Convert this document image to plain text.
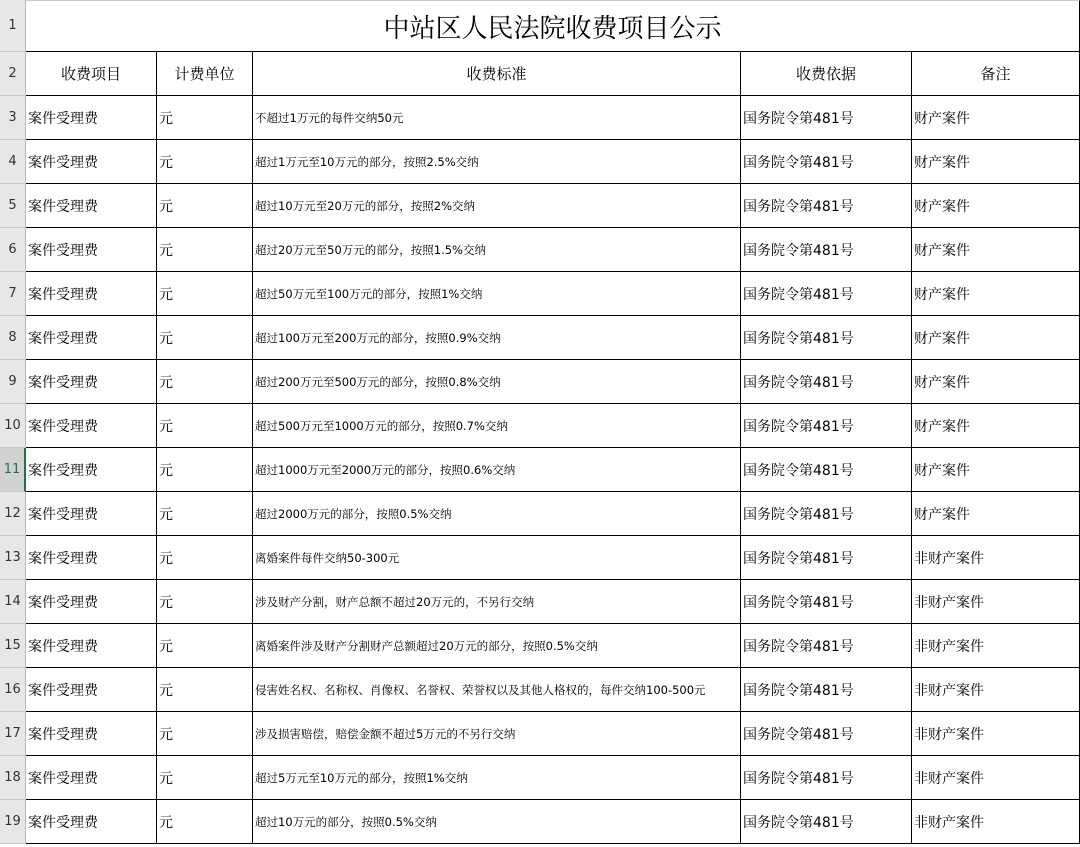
1	中站区人民法院收费项目公示
2	收费项目	计费单位	收费标准	收费依据	备注
3 案件受理费	元	不超过1万元的每件交纳50元	国务院令第481号	财产案件
4 案件受理费	元	超过1万元至10万元的部分，按照2.5%交纳	国务院令第481号	财产案件
5 案件受理费	元	超过10万元至20万元的部分，按照2%交纳	国务院令第481号	财产案件
6 案件受理费	元	超过20万元至50万元的部分，按照1.5%交纳	国务院令第481号	财产案件
7 案件受理费	元	超过50万元至100万元的部分，按照1%交纳	国务院令第481号	财产案件
8 案件受理费	元	超过100万元至200万元的部分，按照0.9%交纳	国务院令第481号	财产案件
9 案件受理费	元	超过200万元至500万元的部分，按照0.8%交纳	国务院令第481号	财产案件
10 案件受理费	元	超过500万元至1000万元的部分，按照0.7%交纳	国务院令第481号	财产案件
11 案件受理费	元	超过1000万元至2000万元的部分，按照0.6%交纳	国务院令第481号	财产案件
12 案件受理费	元	超过2000万元的部分，按照0.5%交纳	国务院令第481号	财产案件
13 案件受理费	元	离婚案件每件交纳50-300元	国务院令第481号	非财产案件
14 案件受理费	元	涉及财产分割，财产总额不超过20万元的，不另行交纳	国务院令第481号	非财产案件
15 案件受理费	元	离婚案件涉及财产分割财产总额超过20万元的部分，按照0.5%交纳	国务院令第481号	非财产案件
16 案件受理费	元	侵害姓名权、名称权、肖像权、名誉权、荣誉权以及其他人格权的，每件交纳100-500元	国务院令第481号	非财产案件
17 案件受理费	元	涉及损害赔偿，赔偿金额不超过5万元的不另行交纳	国务院令第481号	非财产案件
18 案件受理费	元	超过5万元至10万元的部分，按照1%交纳	国务院令第481号	非财产案件
19 案件受理费	元	超过10万元的部分，按照0.5%交纳	国务院令第481号	非财产案件
